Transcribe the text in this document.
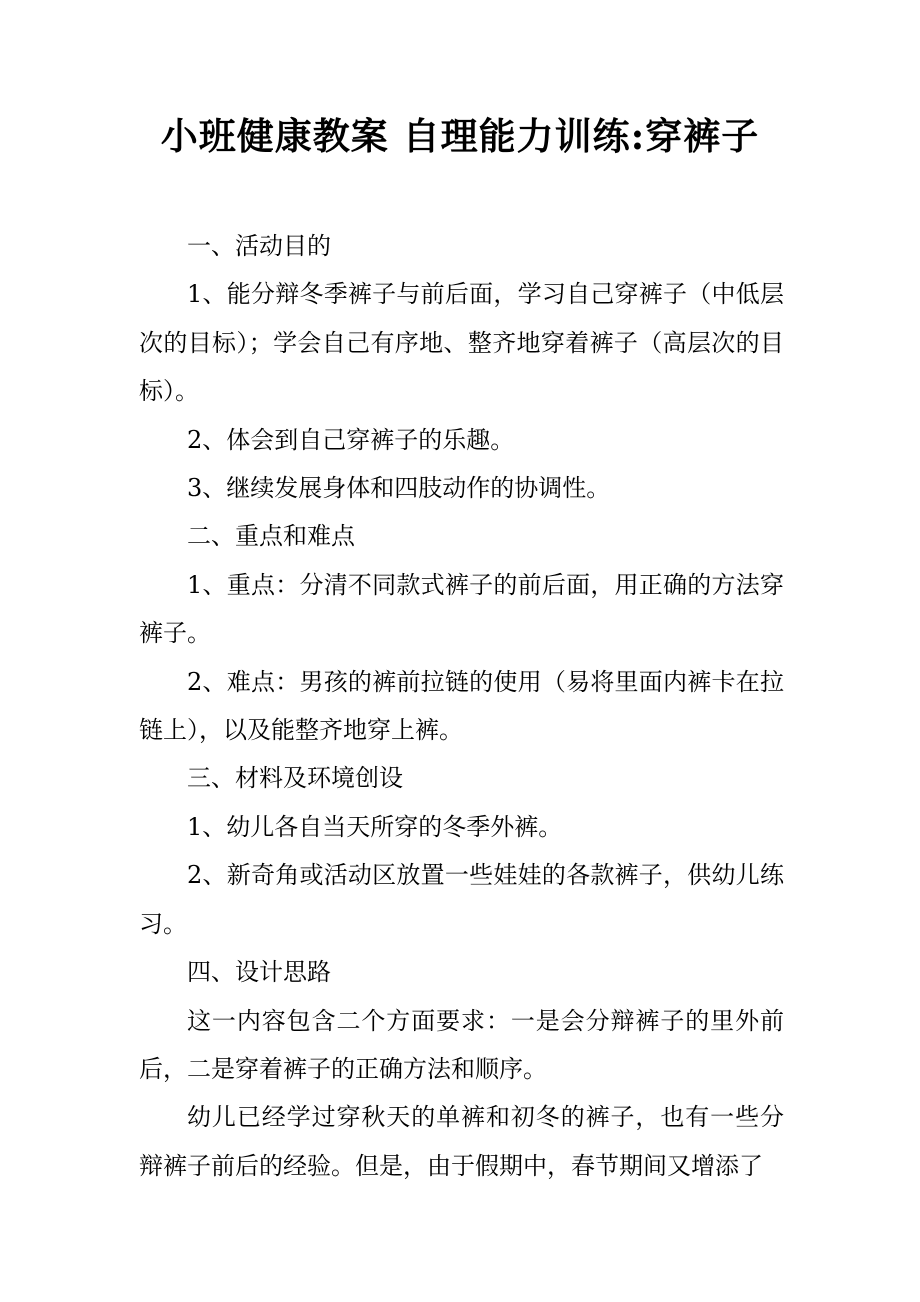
小班健康教案 自理能力训练:穿裤子

一、活动目的

1、能分辩冬季裤子与前后面，学习自己穿裤子（中低层次的目标）；学会自己有序地、整齐地穿着裤子（高层次的目标）。

2、体会到自己穿裤子的乐趣。

3、继续发展身体和四肢动作的协调性。

二、重点和难点

1、重点：分清不同款式裤子的前后面，用正确的方法穿裤子。

2、难点：男孩的裤前拉链的使用（易将里面内裤卡在拉链上），以及能整齐地穿上裤。

三、材料及环境创设

1、幼儿各自当天所穿的冬季外裤。

2、新奇角或活动区放置一些娃娃的各款裤子，供幼儿练习。

四、设计思路

这一内容包含二个方面要求：一是会分辩裤子的里外前后，二是穿着裤子的正确方法和顺序。

幼儿已经学过穿秋天的单裤和初冬的裤子，也有一些分辩裤子前后的经验。但是，由于假期中，春节期间又增添了
